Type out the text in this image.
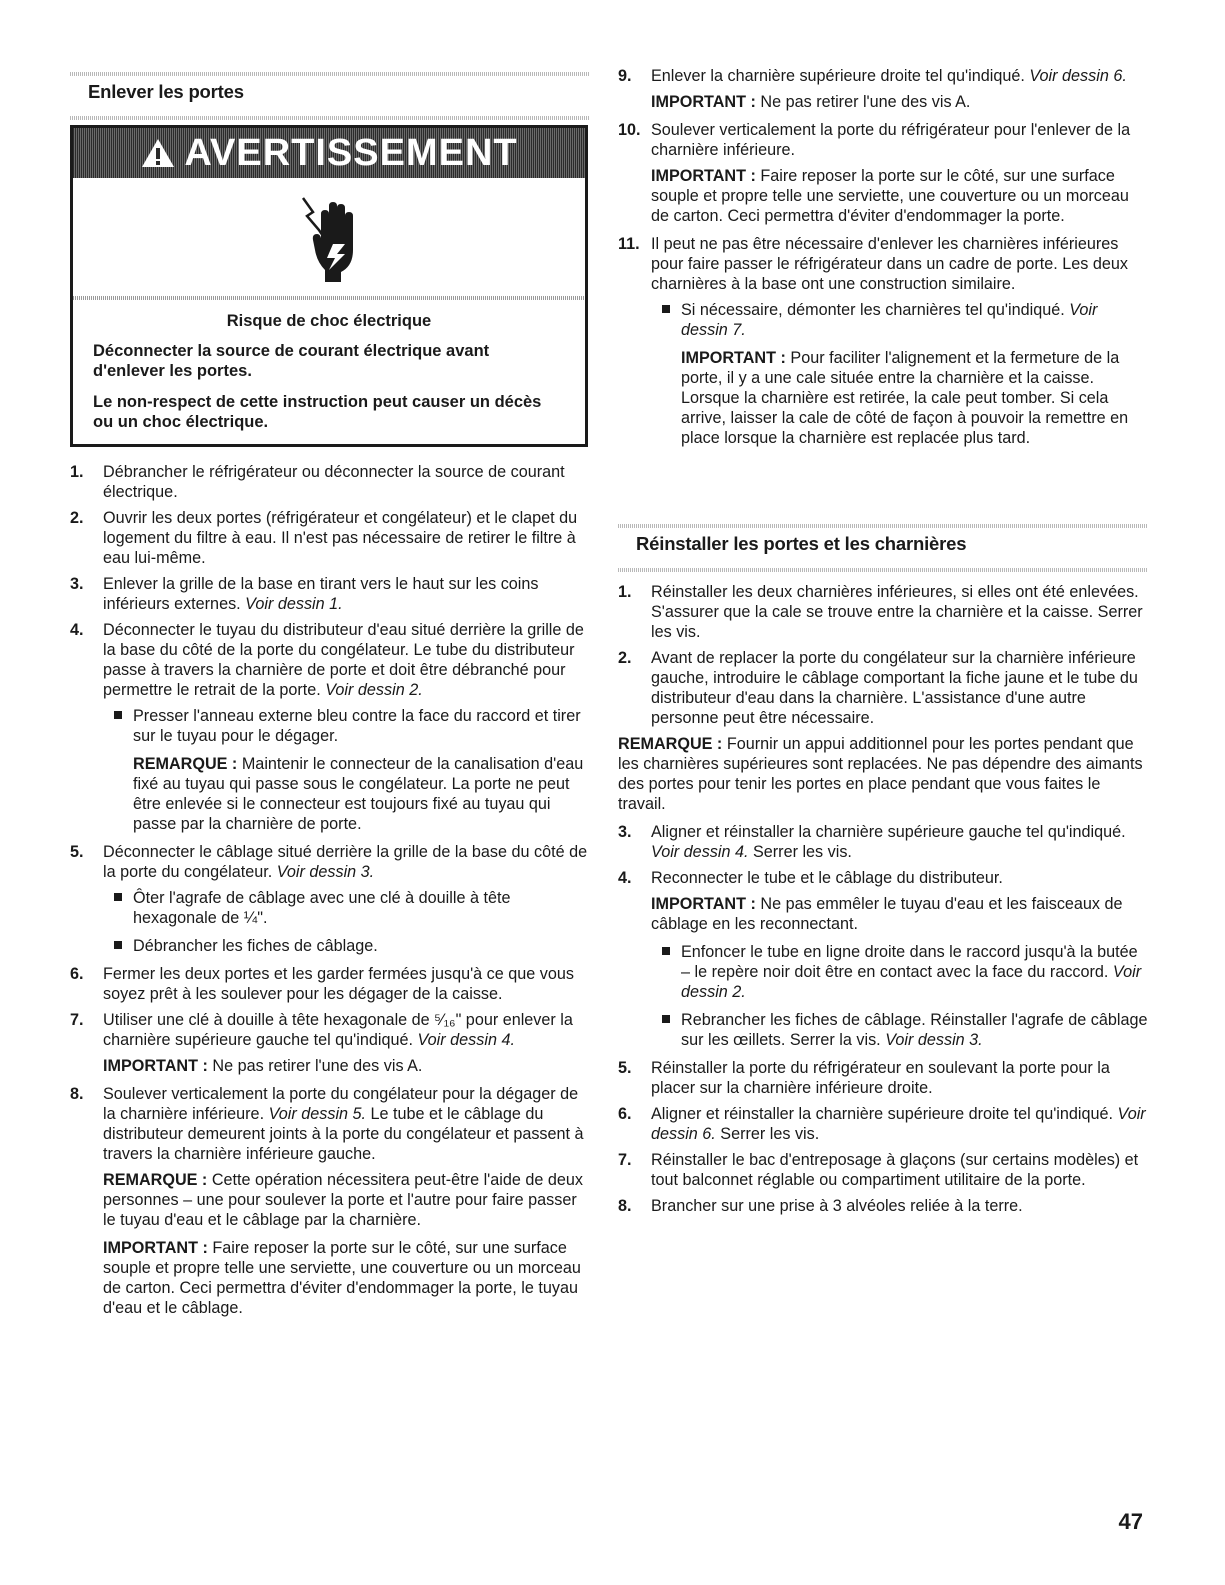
Enlever les portes
AVERTISSEMENT
Risque de choc électrique
Déconnecter la source de courant électrique avant d'enlever les portes.
Le non-respect de cette instruction peut causer un décès ou un choc électrique.
1. Débrancher le réfrigérateur ou déconnecter la source de courant électrique.
2. Ouvrir les deux portes (réfrigérateur et congélateur) et le clapet du logement du filtre à eau. Il n'est pas nécessaire de retirer le filtre à eau lui-même.
3. Enlever la grille de la base en tirant vers le haut sur les coins inférieurs externes. Voir dessin 1.
4. Déconnecter le tuyau du distributeur d'eau situé derrière la grille de la base du côté de la porte du congélateur. Le tube du distributeur passe à travers la charnière de porte et doit être débranché pour permettre le retrait de la porte. Voir dessin 2.
Presser l'anneau externe bleu contre la face du raccord et tirer sur le tuyau pour le dégager.
REMARQUE : Maintenir le connecteur de la canalisation d'eau fixé au tuyau qui passe sous le congélateur. La porte ne peut être enlevée si le connecteur est toujours fixé au tuyau qui passe par la charnière de porte.
5. Déconnecter le câblage situé derrière la grille de la base du côté de la porte du congélateur. Voir dessin 3.
Ôter l'agrafe de câblage avec une clé à douille à tête hexagonale de ¼".
Débrancher les fiches de câblage.
6. Fermer les deux portes et les garder fermées jusqu'à ce que vous soyez prêt à les soulever pour les dégager de la caisse.
7. Utiliser une clé à douille à tête hexagonale de ⁵⁄₁₆" pour enlever la charnière supérieure gauche tel qu'indiqué. Voir dessin 4.
IMPORTANT : Ne pas retirer l'une des vis A.
8. Soulever verticalement la porte du congélateur pour la dégager de la charnière inférieure. Voir dessin 5. Le tube et le câblage du distributeur demeurent joints à la porte du congélateur et passent à travers la charnière inférieure gauche.
REMARQUE : Cette opération nécessitera peut-être l'aide de deux personnes – une pour soulever la porte et l'autre pour faire passer le tuyau d'eau et le câblage par la charnière.
IMPORTANT : Faire reposer la porte sur le côté, sur une surface souple et propre telle une serviette, une couverture ou un morceau de carton. Ceci permettra d'éviter d'endommager la porte, le tuyau d'eau et le câblage.
9. Enlever la charnière supérieure droite tel qu'indiqué. Voir dessin 6.
IMPORTANT : Ne pas retirer l'une des vis A.
10. Soulever verticalement la porte du réfrigérateur pour l'enlever de la charnière inférieure.
IMPORTANT : Faire reposer la porte sur le côté, sur une surface souple et propre telle une serviette, une couverture ou un morceau de carton. Ceci permettra d'éviter d'endommager la porte.
11. Il peut ne pas être nécessaire d'enlever les charnières inférieures pour faire passer le réfrigérateur dans un cadre de porte. Les deux charnières à la base ont une construction similaire.
Si nécessaire, démonter les charnières tel qu'indiqué. Voir dessin 7.
IMPORTANT : Pour faciliter l'alignement et la fermeture de la porte, il y a une cale située entre la charnière et la caisse. Lorsque la charnière est retirée, la cale peut tomber. Si cela arrive, laisser la cale de côté de façon à pouvoir la remettre en place lorsque la charnière est replacée plus tard.
Réinstaller les portes et les charnières
1. Réinstaller les deux charnières inférieures, si elles ont été enlevées. S'assurer que la cale se trouve entre la charnière et la caisse. Serrer les vis.
2. Avant de replacer la porte du congélateur sur la charnière inférieure gauche, introduire le câblage comportant la fiche jaune et le tube du distributeur d'eau dans la charnière. L'assistance d'une autre personne peut être nécessaire.
REMARQUE : Fournir un appui additionnel pour les portes pendant que les charnières supérieures sont replacées. Ne pas dépendre des aimants des portes pour tenir les portes en place pendant que vous faites le travail.
3. Aligner et réinstaller la charnière supérieure gauche tel qu'indiqué. Voir dessin 4. Serrer les vis.
4. Reconnecter le tube et le câblage du distributeur.
IMPORTANT : Ne pas emmêler le tuyau d'eau et les faisceaux de câblage en les reconnectant.
Enfoncer le tube en ligne droite dans le raccord jusqu'à la butée – le repère noir doit être en contact avec la face du raccord. Voir dessin 2.
Rebrancher les fiches de câblage. Réinstaller l'agrafe de câblage sur les œillets. Serrer la vis. Voir dessin 3.
5. Réinstaller la porte du réfrigérateur en soulevant la porte pour la placer sur la charnière inférieure droite.
6. Aligner et réinstaller la charnière supérieure droite tel qu'indiqué. Voir dessin 6. Serrer les vis.
7. Réinstaller le bac d'entreposage à glaçons (sur certains modèles) et tout balconnet réglable ou compartiment utilitaire de la porte.
8. Brancher sur une prise à 3 alvéoles reliée à la terre.
47
